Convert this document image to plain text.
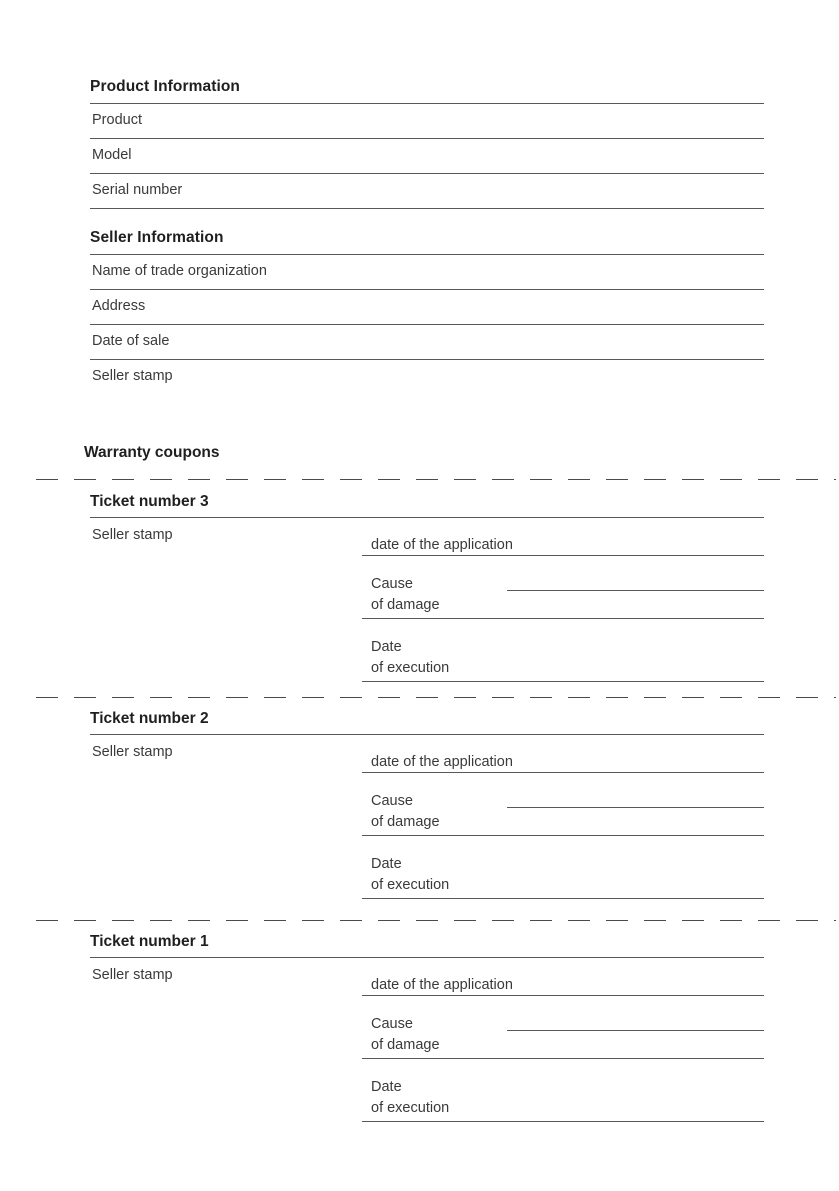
Product Information
Product
Model
Serial number
Seller Information
Name of trade organization
Address
Date of sale
Seller stamp
Warranty coupons
Ticket number 3
Seller stamp
date of the application
Cause
of damage
Date
of execution
Ticket number 2
Seller stamp
date of the application
Cause
of damage
Date
of execution
Ticket number 1
Seller stamp
date of the application
Cause
of damage
Date
of execution
